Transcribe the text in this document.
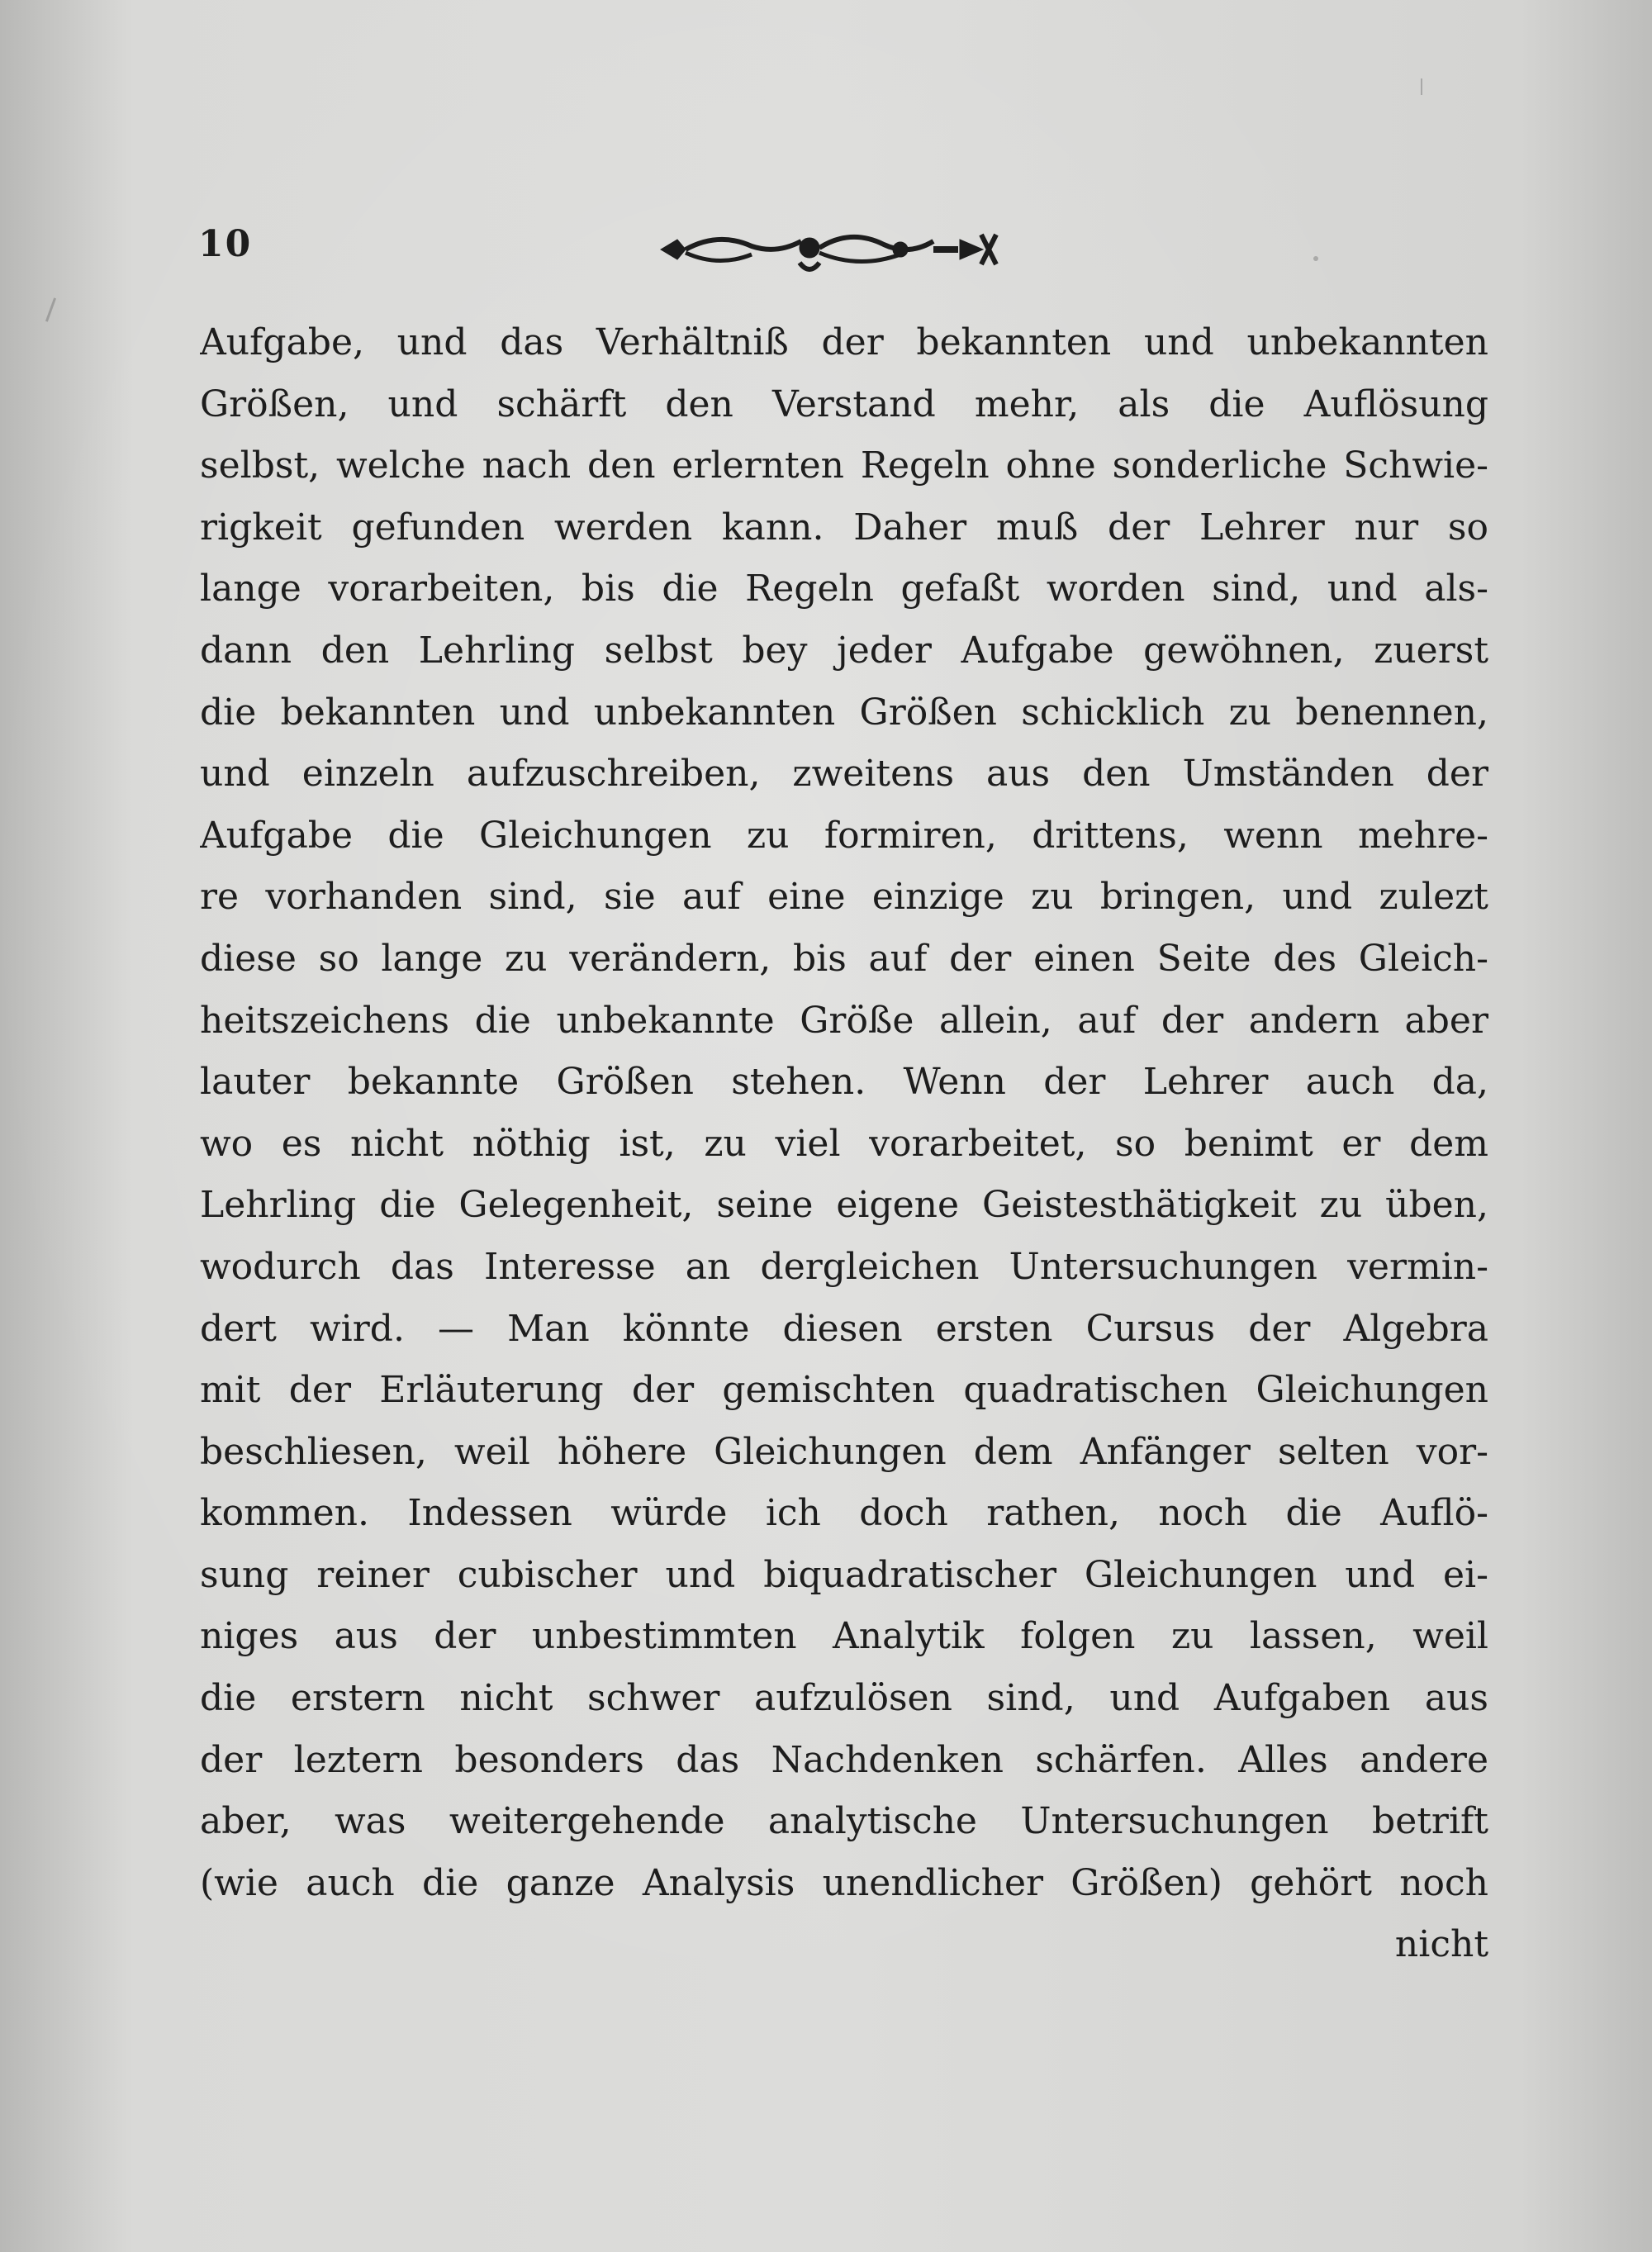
10
Aufgabe, und das Verhältniß der bekannten und unbekannten
Größen, und schärft den Verstand mehr, als die Auflösung
selbst, welche nach den erlernten Regeln ohne sonderliche Schwie-
rigkeit gefunden werden kann. Daher muß der Lehrer nur so
lange vorarbeiten, bis die Regeln gefaßt worden sind, und als-
dann den Lehrling selbst bey jeder Aufgabe gewöhnen, zuerst
die bekannten und unbekannten Größen schicklich zu benennen,
und einzeln aufzuschreiben, zweitens aus den Umständen der
Aufgabe die Gleichungen zu formiren, drittens, wenn mehre-
re vorhanden sind, sie auf eine einzige zu bringen, und zulezt
diese so lange zu verändern, bis auf der einen Seite des Gleich-
heitszeichens die unbekannte Größe allein, auf der andern aber
lauter bekannte Größen stehen. Wenn der Lehrer auch da,
wo es nicht nöthig ist, zu viel vorarbeitet, so benimt er dem
Lehrling die Gelegenheit, seine eigene Geistesthätigkeit zu üben,
wodurch das Interesse an dergleichen Untersuchungen vermin-
dert wird. — Man könnte diesen ersten Cursus der Algebra
mit der Erläuterung der gemischten quadratischen Gleichungen
beschliesen, weil höhere Gleichungen dem Anfänger selten vor-
kommen. Indessen würde ich doch rathen, noch die Auflö-
sung reiner cubischer und biquadratischer Gleichungen und ei-
niges aus der unbestimmten Analytik folgen zu lassen, weil
die erstern nicht schwer aufzulösen sind, und Aufgaben aus
der leztern besonders das Nachdenken schärfen. Alles andere
aber, was weitergehende analytische Untersuchungen betrift
(wie auch die ganze Analysis unendlicher Größen) gehört noch
nicht
